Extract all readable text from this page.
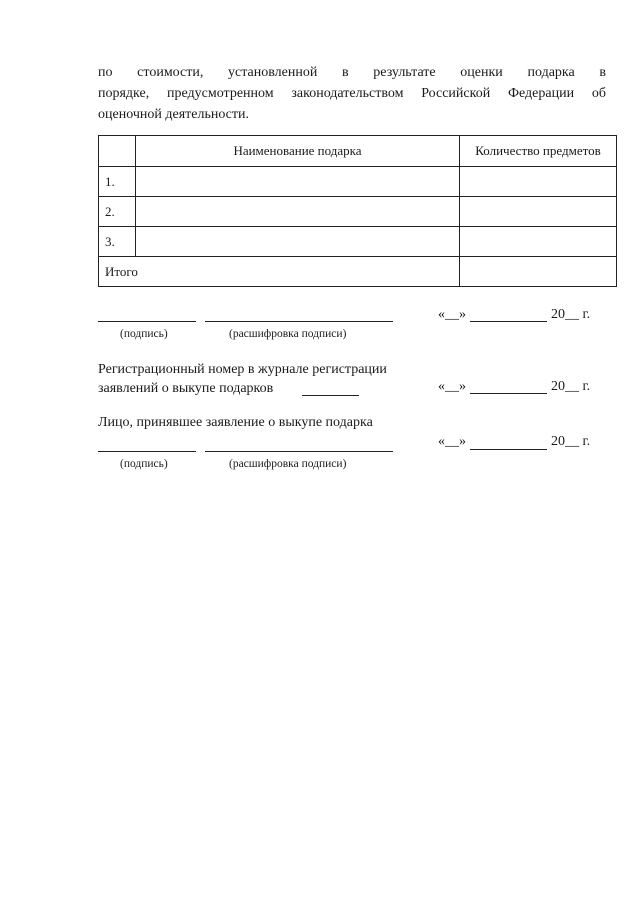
по стоимости, установленной в результате оценки подарка в
порядке, предусмотренном законодательством Российской Федерации об
оценочной деятельности.
	Наименование подарка	Количество предметов
1.		
2.		
3.		
Итого		
(подпись)	(расшифровка подписи)
«__»	20__ г.
Регистрационный номер в журнале регистрации
заявлений о выкупе подарков	«__»	20__ г.
Лицо, принявшее заявление о выкупе подарка
(подпись)	(расшифровка подписи)
«__»	20__ г.
